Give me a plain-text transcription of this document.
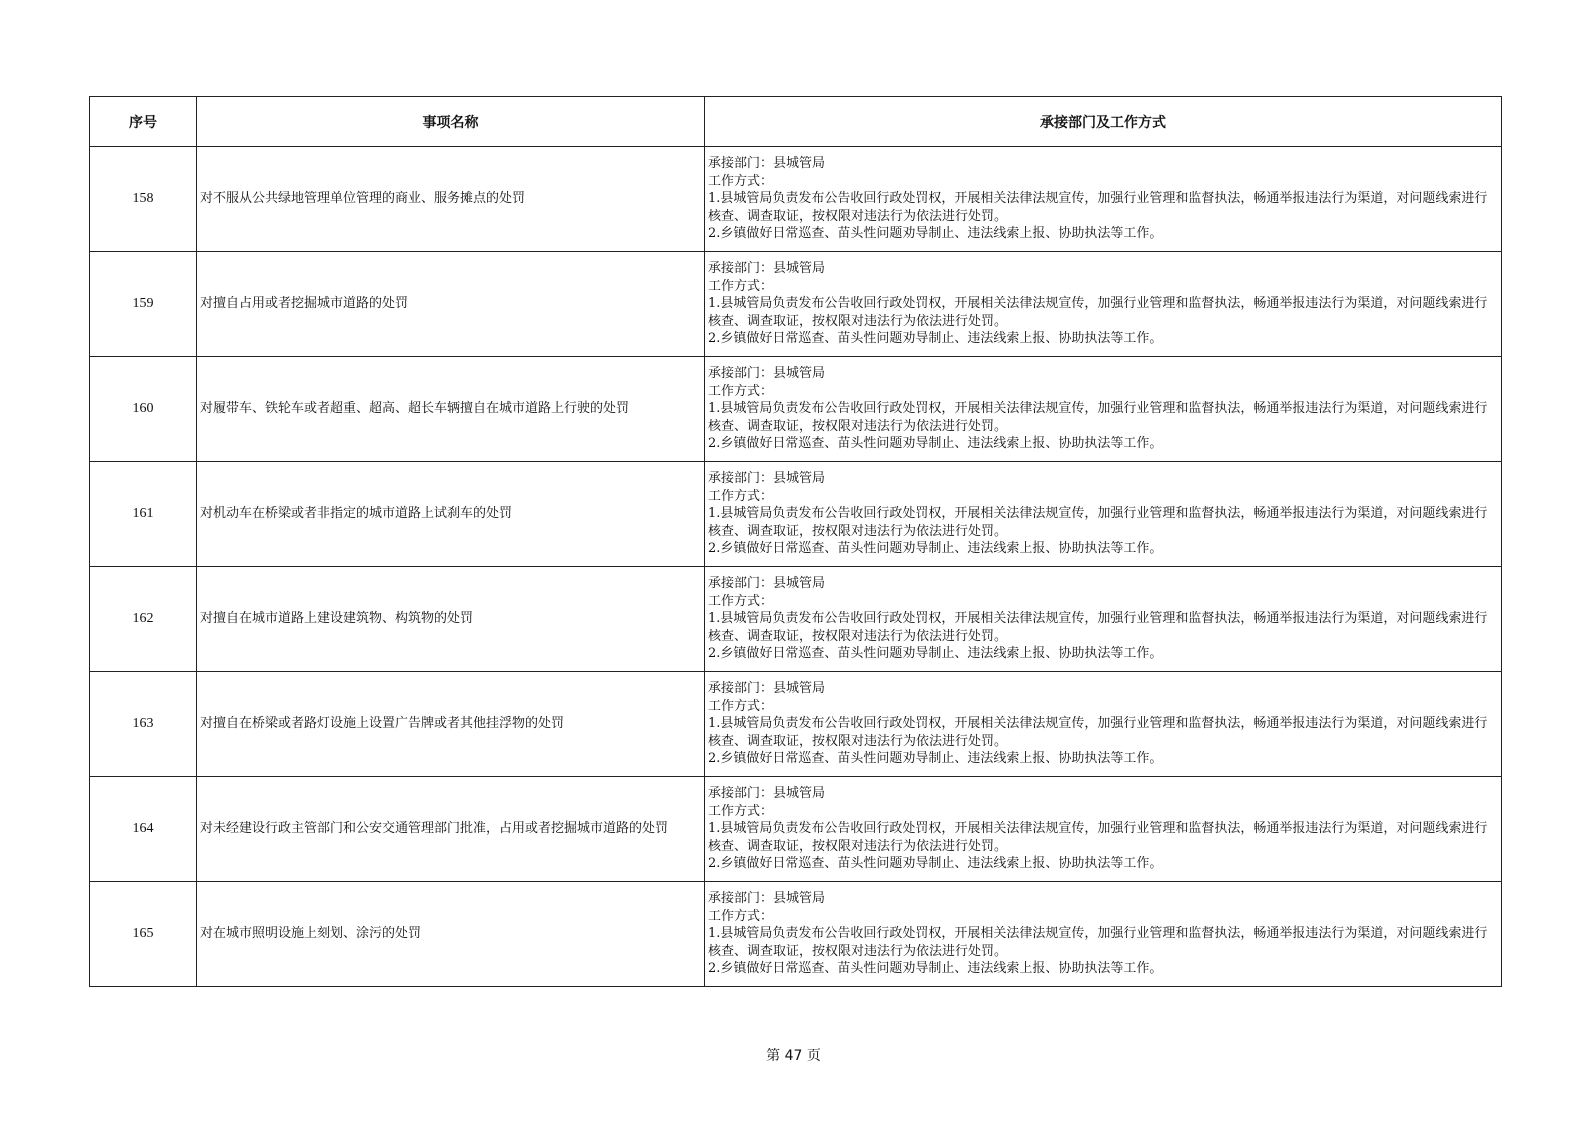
序号	事项名称	承接部门及工作方式
158	对不服从公共绿地管理单位管理的商业、服务摊点的处罚	承接部门：县城管局
工作方式：
1.县城管局负责发布公告收回行政处罚权，开展相关法律法规宣传，加强行业管理和监督执法，畅通举报违法行为渠道，对问题线索进行核查、调查取证，按权限对违法行为依法进行处罚。
2.乡镇做好日常巡查、苗头性问题劝导制止、违法线索上报、协助执法等工作。

159	对擅自占用或者挖掘城市道路的处罚	承接部门：县城管局
工作方式：
1.县城管局负责发布公告收回行政处罚权，开展相关法律法规宣传，加强行业管理和监督执法，畅通举报违法行为渠道，对问题线索进行核查、调查取证，按权限对违法行为依法进行处罚。
2.乡镇做好日常巡查、苗头性问题劝导制止、违法线索上报、协助执法等工作。

160	对履带车、铁轮车或者超重、超高、超长车辆擅自在城市道路上行驶的处罚	承接部门：县城管局
工作方式：
1.县城管局负责发布公告收回行政处罚权，开展相关法律法规宣传，加强行业管理和监督执法，畅通举报违法行为渠道，对问题线索进行核查、调查取证，按权限对违法行为依法进行处罚。
2.乡镇做好日常巡查、苗头性问题劝导制止、违法线索上报、协助执法等工作。

161	对机动车在桥梁或者非指定的城市道路上试刹车的处罚	承接部门：县城管局
工作方式：
1.县城管局负责发布公告收回行政处罚权，开展相关法律法规宣传，加强行业管理和监督执法，畅通举报违法行为渠道，对问题线索进行核查、调查取证，按权限对违法行为依法进行处罚。
2.乡镇做好日常巡查、苗头性问题劝导制止、违法线索上报、协助执法等工作。

162	对擅自在城市道路上建设建筑物、构筑物的处罚	承接部门：县城管局
工作方式：
1.县城管局负责发布公告收回行政处罚权，开展相关法律法规宣传，加强行业管理和监督执法，畅通举报违法行为渠道，对问题线索进行核查、调查取证，按权限对违法行为依法进行处罚。
2.乡镇做好日常巡查、苗头性问题劝导制止、违法线索上报、协助执法等工作。

163	对擅自在桥梁或者路灯设施上设置广告牌或者其他挂浮物的处罚	承接部门：县城管局
工作方式：
1.县城管局负责发布公告收回行政处罚权，开展相关法律法规宣传，加强行业管理和监督执法，畅通举报违法行为渠道，对问题线索进行核查、调查取证，按权限对违法行为依法进行处罚。
2.乡镇做好日常巡查、苗头性问题劝导制止、违法线索上报、协助执法等工作。

164	对未经建设行政主管部门和公安交通管理部门批准，占用或者挖掘城市道路的处罚	承接部门：县城管局
工作方式：
1.县城管局负责发布公告收回行政处罚权，开展相关法律法规宣传，加强行业管理和监督执法，畅通举报违法行为渠道，对问题线索进行核查、调查取证，按权限对违法行为依法进行处罚。
2.乡镇做好日常巡查、苗头性问题劝导制止、违法线索上报、协助执法等工作。

165	对在城市照明设施上刻划、涂污的处罚	承接部门：县城管局
工作方式：
1.县城管局负责发布公告收回行政处罚权，开展相关法律法规宣传，加强行业管理和监督执法，畅通举报违法行为渠道，对问题线索进行核查、调查取证，按权限对违法行为依法进行处罚。
2.乡镇做好日常巡查、苗头性问题劝导制止、违法线索上报、协助执法等工作。
第 47 页
